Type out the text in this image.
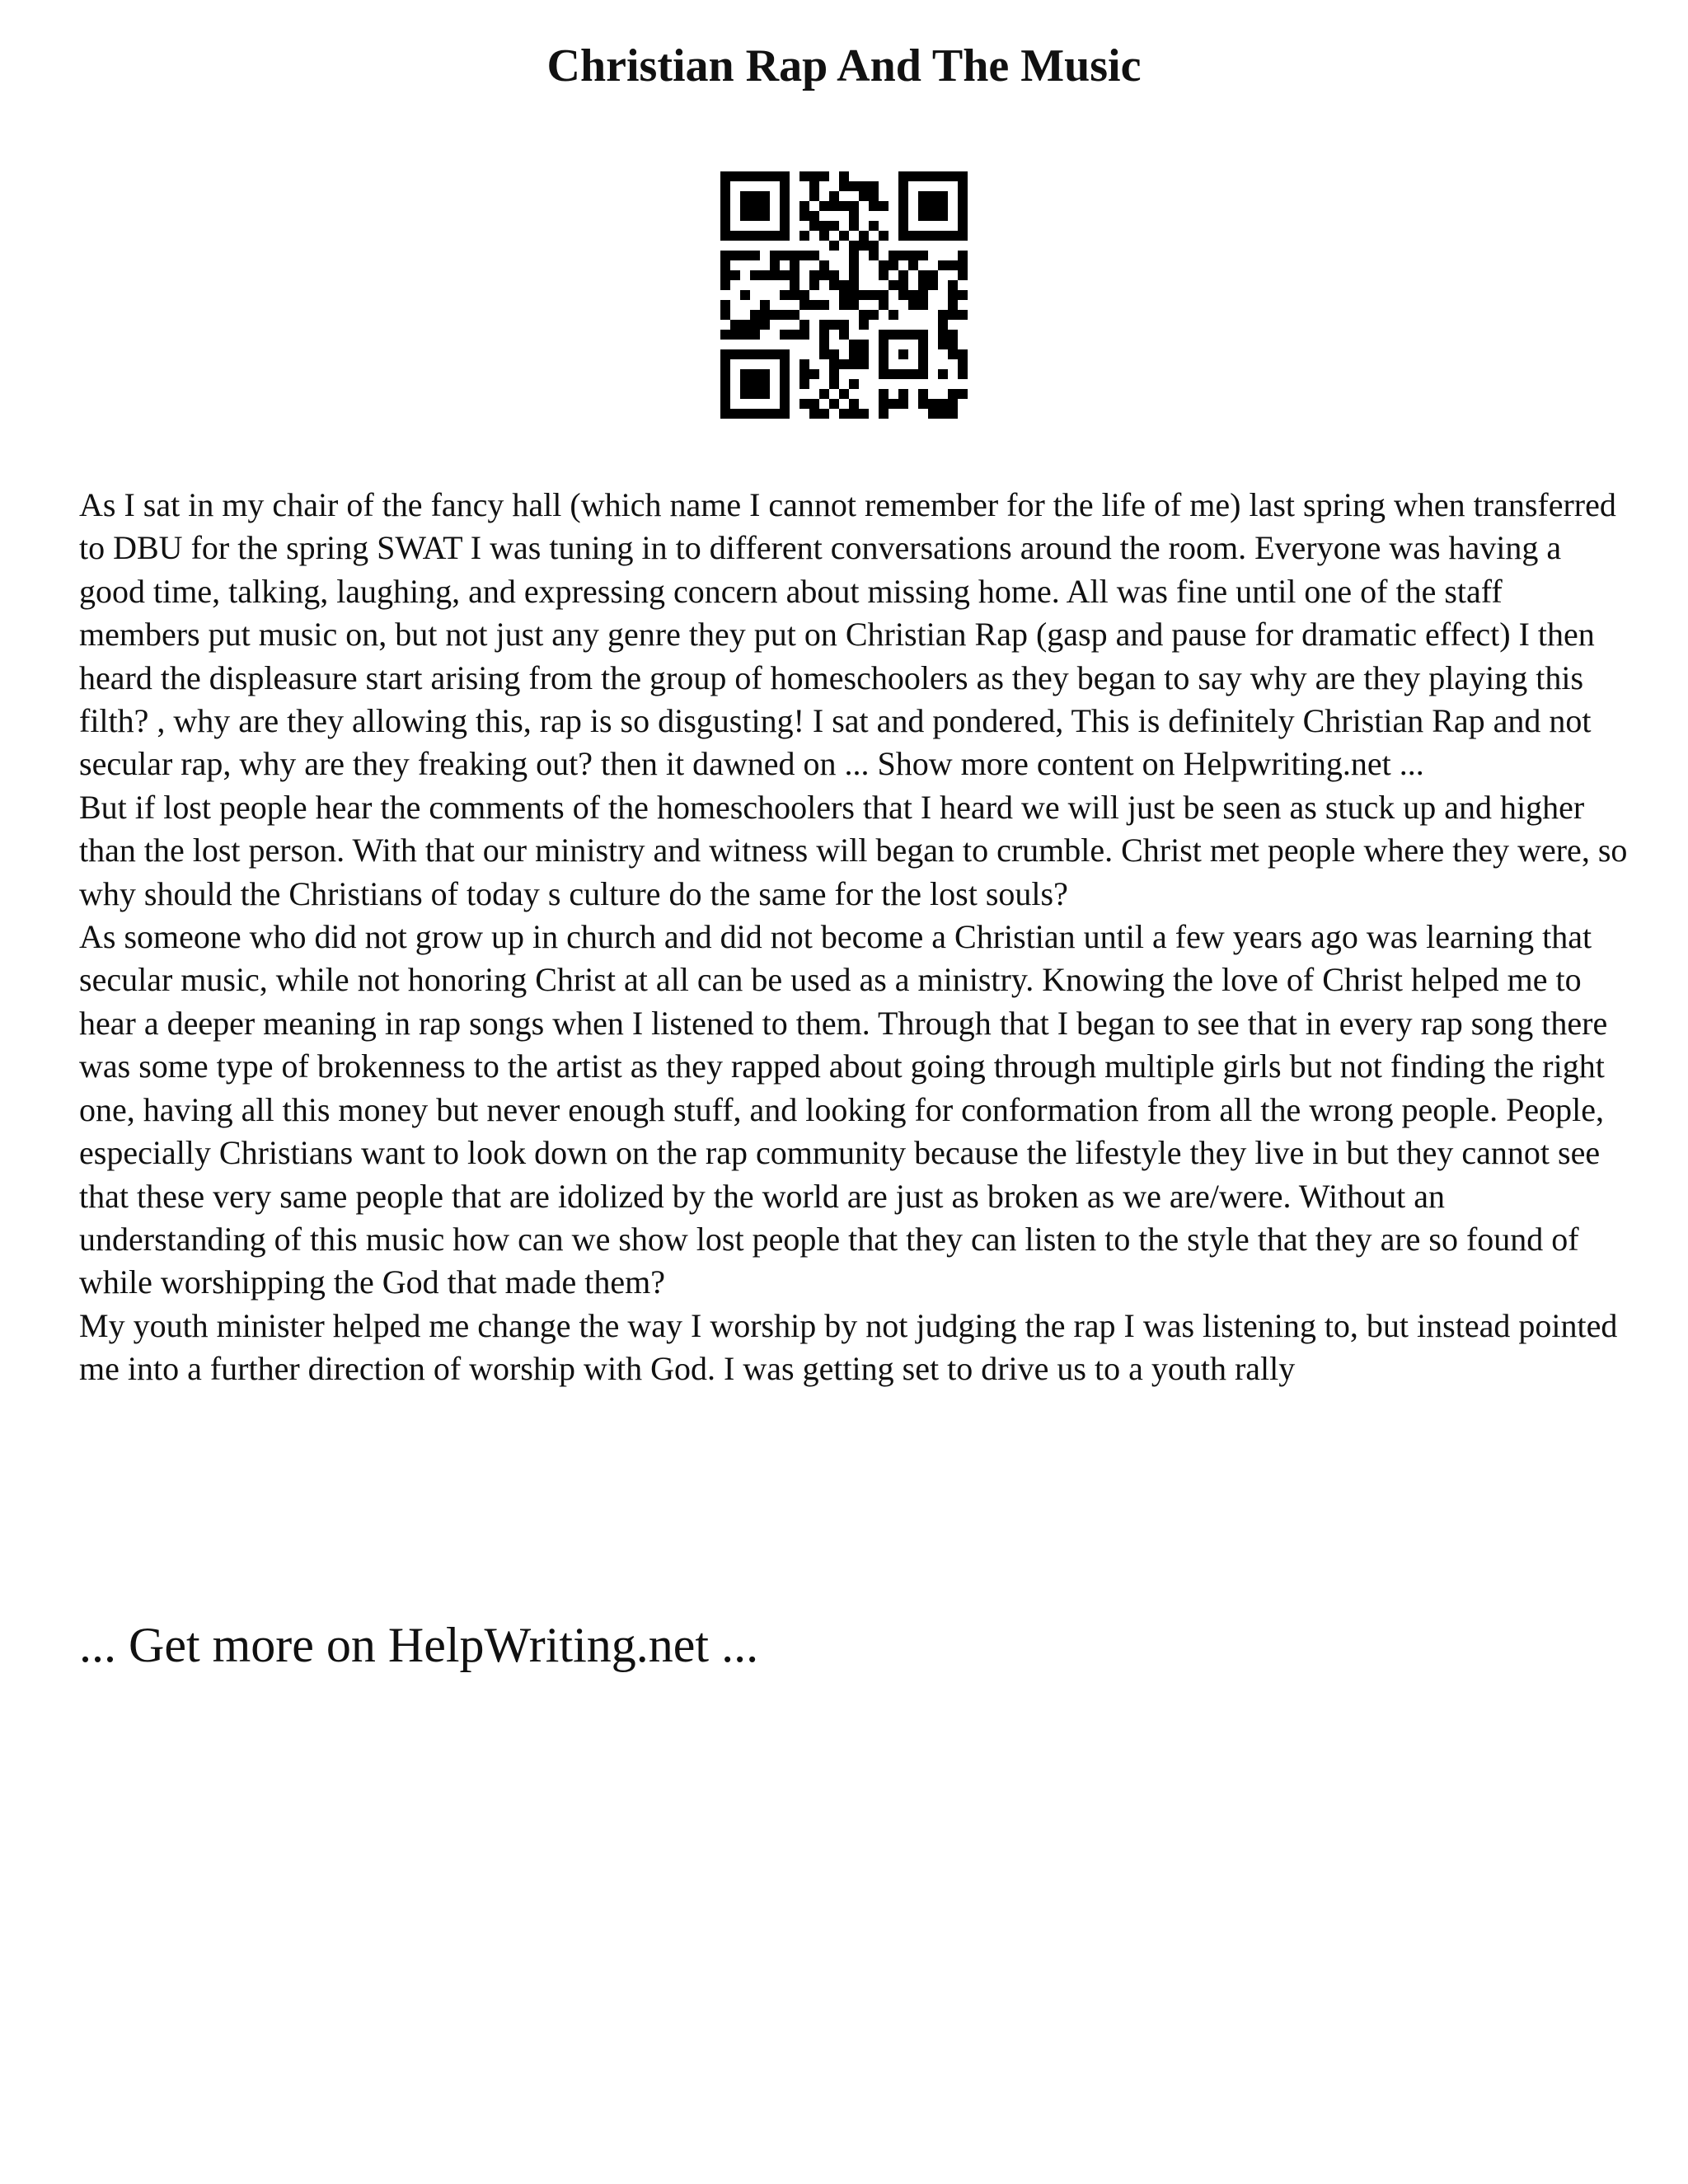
Christian Rap And The Music

As I sat in my chair of the fancy hall (which name I cannot remember for the life of me) last spring when transferred to DBU for the spring SWAT I was tuning in to different conversations around the room. Everyone was having a good time, talking, laughing, and expressing concern about missing home. All was fine until one of the staff members put music on, but not just any genre they put on Christian Rap (gasp and pause for dramatic effect) I then heard the displeasure start arising from the group of homeschoolers as they began to say why are they playing this filth? , why are they allowing this, rap is so disgusting! I sat and pondered, This is definitely Christian Rap and not secular rap, why are they freaking out? then it dawned on ... Show more content on Helpwriting.net ...

But if lost people hear the comments of the homeschoolers that I heard we will just be seen as stuck up and higher than the lost person. With that our ministry and witness will began to crumble. Christ met people where they were, so why should the Christians of today s culture do the same for the lost souls?

As someone who did not grow up in church and did not become a Christian until a few years ago was learning that secular music, while not honoring Christ at all can be used as a ministry. Knowing the love of Christ helped me to hear a deeper meaning in rap songs when I listened to them. Through that I began to see that in every rap song there was some type of brokenness to the artist as they rapped about going through multiple girls but not finding the right one, having all this money but never enough stuff, and looking for conformation from all the wrong people. People, especially Christians want to look down on the rap community because the lifestyle they live in but they cannot see that these very same people that are idolized by the world are just as broken as we are/were. Without an understanding of this music how can we show lost people that they can listen to the style that they are so found of while worshipping the God that made them?

My youth minister helped me change the way I worship by not judging the rap I was listening to, but instead pointed me into a further direction of worship with God. I was getting set to drive us to a youth rally

... Get more on HelpWriting.net ...
